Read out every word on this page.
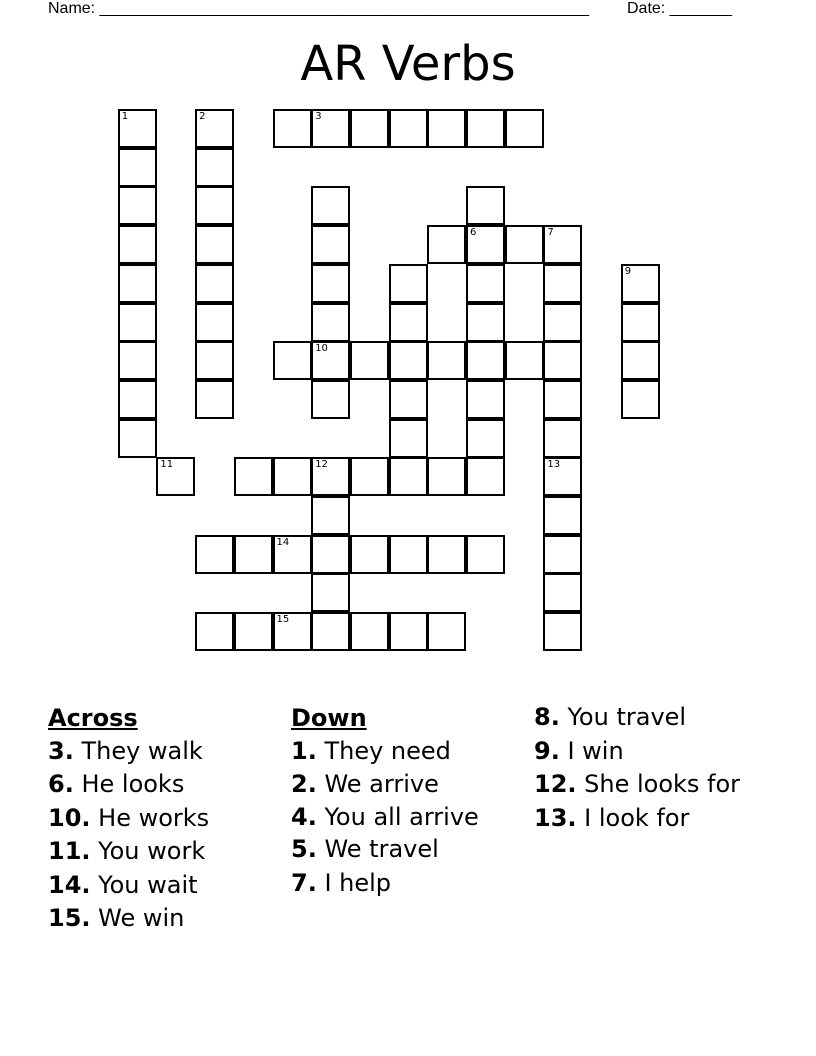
Name: _______________________________________________________ Date: _______
AR Verbs
1	2	3
10
6	7
13
9
11	12
14
15
Across
3. They walk
6. He looks
10. He works
11. You work
14. You wait
15. We win
Down
1. They need
2. We arrive
4. You all arrive
5. We travel
7. I help
8. You travel
9. I win
12. She looks for
13. I look for
